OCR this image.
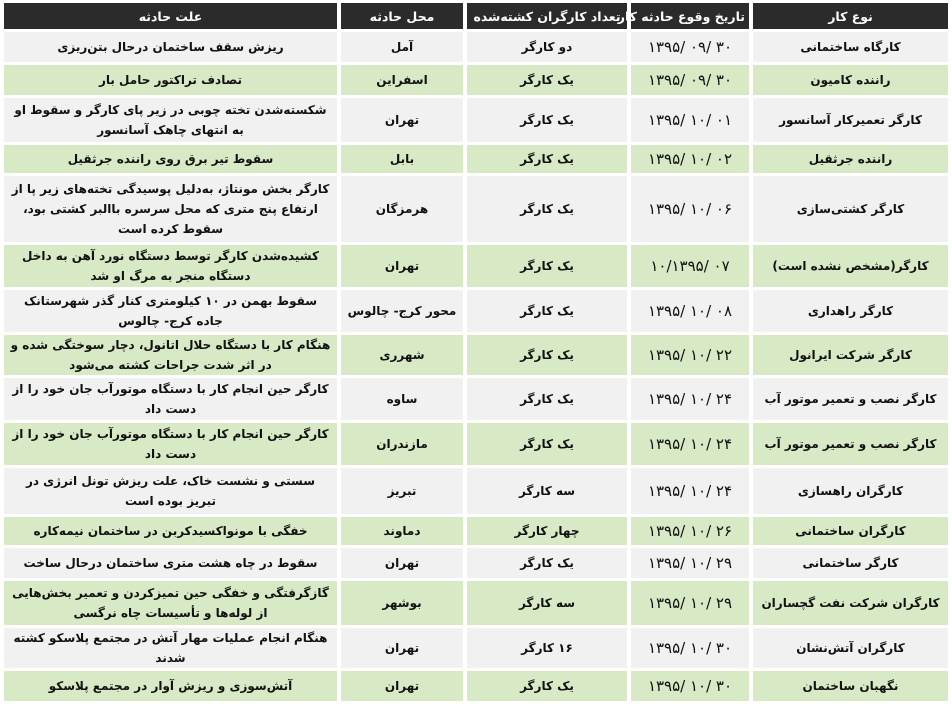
نوع کار	تاریخ وقوع حادثه کار	تعداد کارگران کشته‌شده	محل حادثه	علت حادثه
کارگاه ساختمانی	۱۳۹۵/ ۰۹/ ۳۰	دو کارگر	آمل	ریزش سقف ساختمان درحال بتن‌ریزی
راننده کامیون	۱۳۹۵/ ۰۹/ ۳۰	یک کارگر	اسفراین	تصادف تراکتور حامل بار
کارگر تعمیرکار آسانسور	۱۳۹۵/ ۱۰/ ۰۱	یک کارگر	تهران	شکسته‌شدن تخته چوبی در زیر پای کارگر و سقوط او به انتهای چاهک آسانسور
راننده جرثقیل	۱۳۹۵/ ۱۰/ ۰۲	یک کارگر	بابل	سقوط تیر برق روی راننده جرثقیل
کارگر کشتی‌سازی	۱۳۹۵/ ۱۰/ ۰۶	یک کارگر	هرمزگان	کارگر بخش مونتاژ، به‌دلیل پوسیدگی تخته‌های زیر پا از ارتفاع پنج متری که محل سرسره باالبر کشتی بود، سقوط کرده است
کارگر(مشخص نشده است)	۱۰/۱۳۹۵/ ۰۷	یک کارگر	تهران	کشیده‌شدن کارگر توسط دستگاه نورد آهن به داخل دستگاه منجر به مرگ او شد
کارگر راهداری	۱۳۹۵/ ۱۰/ ۰۸	یک کارگر	محور کرج- چالوس	سقوط بهمن در ۱۰ کیلومتری کنار گذر شهرستانک جاده کرج- چالوس
کارگر شرکت ایرانول	۱۳۹۵/ ۱۰/ ۲۲	یک کارگر	شهرری	هنگام کار با دستگاه حلال اتانول، دچار سوختگی شده و در اثر شدت جراحات کشته می‌شود
کارگر نصب و تعمیر موتور آب	۱۳۹۵/ ۱۰/ ۲۴	یک کارگر	ساوه	کارگر حین انجام کار با دستگاه موتورآب جان خود را از دست داد
کارگر نصب و تعمیر موتور آب	۱۳۹۵/ ۱۰/ ۲۴	یک کارگر	مازندران	کارگر حین انجام کار با دستگاه موتورآب جان خود را از دست داد
کارگران راهسازی	۱۳۹۵/ ۱۰/ ۲۴	سه کارگر	تبریز	سستی و نشست خاک، علت ریزش تونل انرژی در تبریز بوده است
کارگران ساختمانی	۱۳۹۵/ ۱۰/ ۲۶	چهار کارگر	دماوند	خفگی با مونواکسیدکربن در ساختمان نیمه‌کاره
کارگر ساختمانی	۱۳۹۵/ ۱۰/ ۲۹	یک کارگر	تهران	سقوط در چاه هشت متری ساختمان درحال ساخت
کارگران شرکت نفت گچساران	۱۳۹۵/ ۱۰/ ۲۹	سه کارگر	بوشهر	گازگرفتگی و خفگی حین تمیزکردن و تعمیر بخش‌هایی از لوله‌ها و تأسیسات چاه نرگسی
کارگران آتش‌نشان	۱۳۹۵/ ۱۰/ ۳۰	۱۶ کارگر	تهران	هنگام انجام عملیات مهار آتش در مجتمع پلاسکو کشته شدند
نگهبان ساختمان	۱۳۹۵/ ۱۰/ ۳۰	یک کارگر	تهران	آتش‌سوزی و ریزش آوار در مجتمع پلاسکو
